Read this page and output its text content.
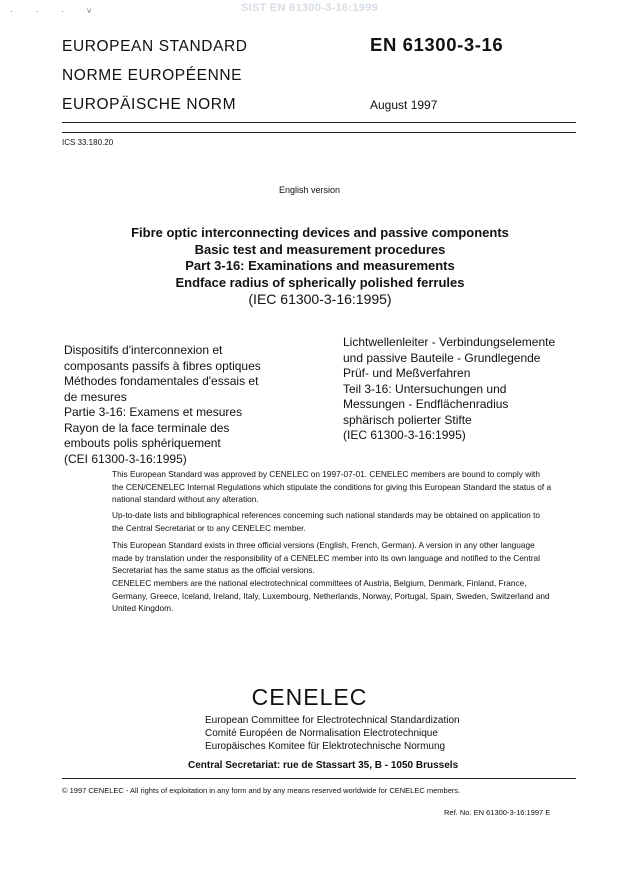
SIST EN 61300-3-16:1999
· · · ˅
EUROPEAN STANDARD
NORME EUROPÉENNE
EUROPÄISCHE NORM
EN 61300-3-16
August 1997
ICS 33.180.20
English version
Fibre optic interconnecting devices and passive components
Basic test and measurement procedures
Part 3-16: Examinations and measurements
Endface radius of spherically polished ferrules
(IEC 61300-3-16:1995)
Dispositifs d'interconnexion et
composants passifs à fibres optiques
Méthodes fondamentales d'essais et
de mesures
Partie 3-16: Examens et mesures
Rayon de la face terminale des
embouts polis sphériquement
(CEI 61300-3-16:1995)
Lichtwellenleiter - Verbindungselemente
und passive Bauteile - Grundlegende
Prüf- und Meßverfahren
Teil 3-16: Untersuchungen und
Messungen - Endflächenradius
sphärisch polierter Stifte
(IEC 61300-3-16:1995)

This European Standard was approved by CENELEC on 1997-07-01. CENELEC members are bound to comply with the CEN/CENELEC Internal Regulations which stipulate the conditions for giving this European Standard the status of a national standard without any alteration.

Up-to-date lists and bibliographical references concerning such national standards may be obtained on application to the Central Secretariat or to any CENELEC member.

This European Standard exists in three official versions (English, French, German). A version in any other language made by translation under the responsibility of a CENELEC member into its own language and notified to the Central Secretariat has the same status as the official versions.

CENELEC members are the national electrotechnical committees of Austria, Belgium, Denmark, Finland, France, Germany, Greece, Iceland, Ireland, Italy, Luxembourg, Netherlands, Norway, Portugal, Spain, Sweden, Switzerland and United Kingdom.

CENELEC
European Committee for Electrotechnical Standardization
Comité Européen de Normalisation Electrotechnique
Europäisches Komitee für Elektrotechnische Normung
Central Secretariat: rue de Stassart 35, B - 1050 Brussels
© 1997 CENELEC - All rights of exploitation in any form and by any means reserved worldwide for CENELEC members.
Ref. No. EN 61300-3-16:1997 E
